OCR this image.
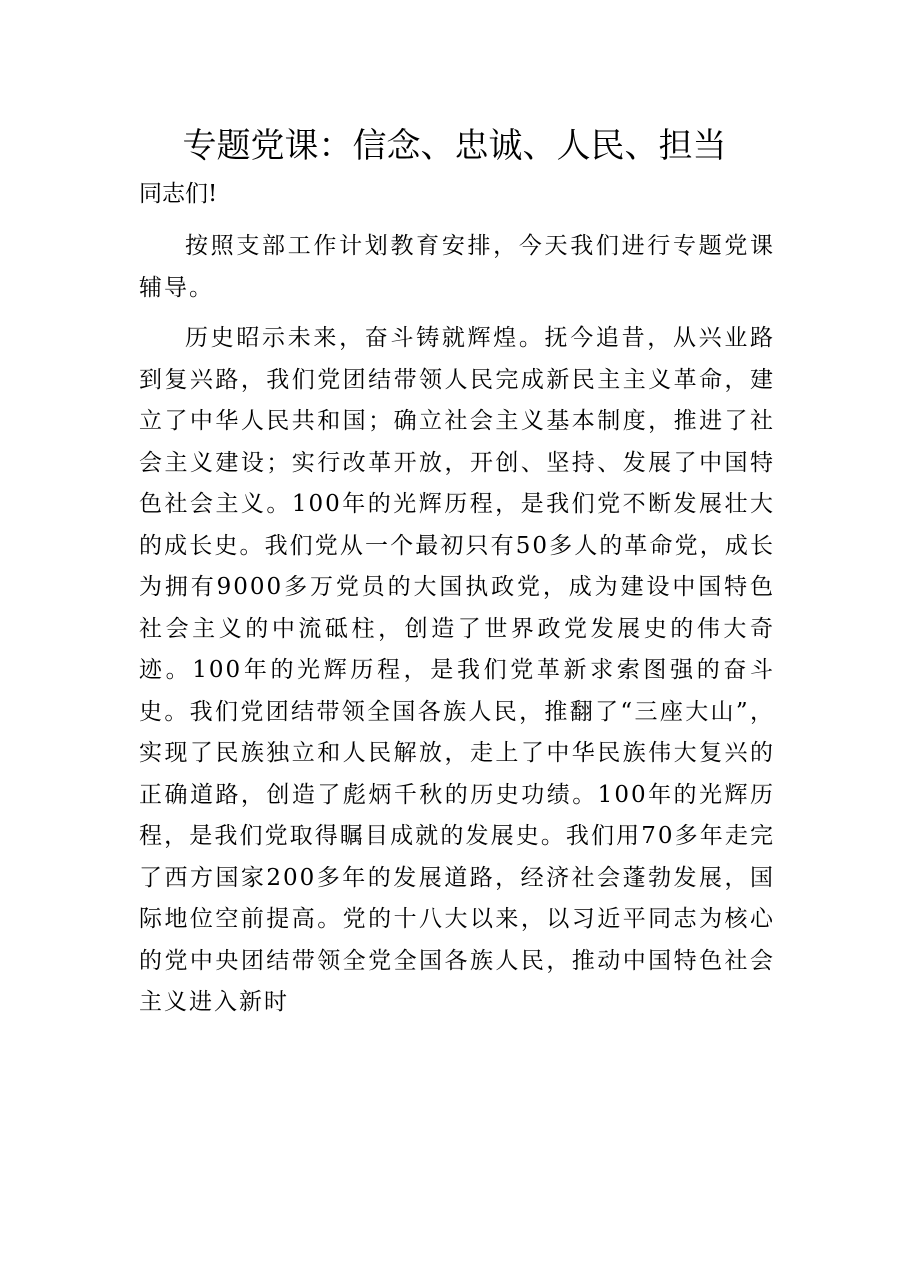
专题党课：信念、忠诚、人民、担当

同志们!

按照支部工作计划教育安排，今天我们进行专题党课辅导。

历史昭示未来，奋斗铸就辉煌。抚今追昔，从兴业路到复兴路，我们党团结带领人民完成新民主主义革命，建立了中华人民共和国；确立社会主义基本制度，推进了社会主义建设；实行改革开放，开创、坚持、发展了中国特色社会主义。100年的光辉历程，是我们党不断发展壮大的成长史。我们党从一个最初只有50多人的革命党，成长为拥有9000多万党员的大国执政党，成为建设中国特色社会主义的中流砥柱，创造了世界政党发展史的伟大奇迹。100年的光辉历程，是我们党革新求索图强的奋斗史。我们党团结带领全国各族人民，推翻了“三座大山”，实现了民族独立和人民解放，走上了中华民族伟大复兴的正确道路，创造了彪炳千秋的历史功绩。100年的光辉历程，是我们党取得瞩目成就的发展史。我们用70多年走完了西方国家200多年的发展道路，经济社会蓬勃发展，国际地位空前提高。党的十八大以来，以习近平同志为核心的党中央团结带领全党全国各族人民，推动中国特色社会主义进入新时
